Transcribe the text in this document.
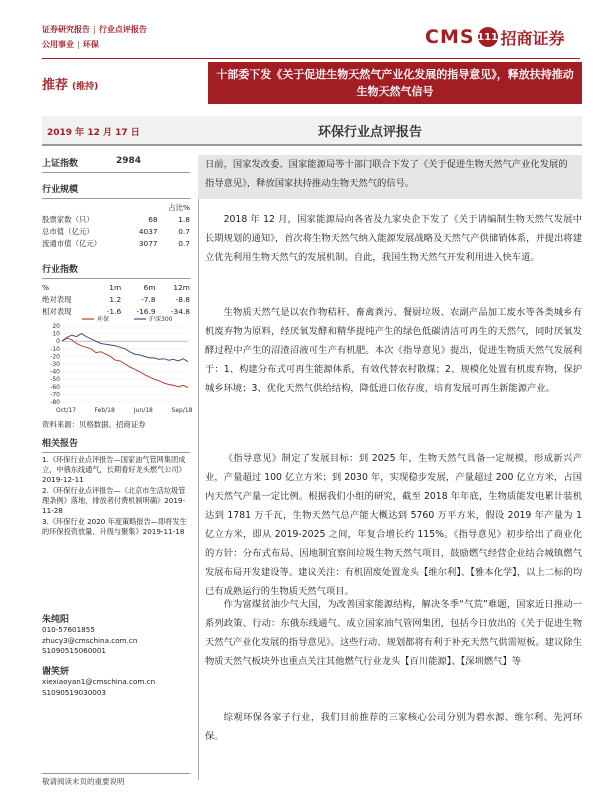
证券研究报告 | 行业点评报告
公用事业 | 环保	CMS 111 招商证券
推荐 (维持)
十部委下发《关于促进生物天然气产业化发展的指导意见》，释放扶持推动生物天然气信号
2019 年 12 月 17 日	环保行业点评报告
上证指数	2984
行业规模
		占比%
股票家数（只）	68	1.8
总市值（亿元）	4037	0.7
流通市值（亿元）	3077	0.7
行业指数
%	1m	6m	12m
绝对表现	1.2	-7.8	-8.8
相对表现	-1.6	-16.9	-34.8
20
10
0
-10
-20
-30
-40
-50
-60
-70
-80
Oct/17	Feb/18	Jun/18	Sep/18
环保	沪深300
资料来源：贝格数据、招商证券
相关报告
1.《环保行业点评报告—国家油气管网集团成立，中俄东线通气，长期看好龙头燃气公司》2019-12-11
2.《环保行业点评报告—《北京市生活垃圾管理条例》落地，排放者付费机制明确》2019-11-28
3.《环保行业 2020 年度策略报告—即将发生的环保投资放量、升级与聚集》2019-11-18
朱纯阳
010-57601855
zhucy3@cmschina.com.cn
S1090515060001
谢笑妍
xiexiaoyan1@cmschina.com.cn
S1090519030003
敬请阅读末页的重要说明
日前，国家发改委、国家能源局等十部门联合下发了《关于促进生物天然气产业化发展的指导意见》，释放国家扶持推动生物天然气的信号。
2018 年 12 月，国家能源局向各省及九家央企下发了《关于请编制生物天然气发展中长期规划的通知》，首次将生物天然气纳入能源发展战略及天然气产供储销体系，并提出将建立优先利用生物天然气的发展机制。自此，我国生物天然气开发利用进入快车道。
生物质天然气是以农作物秸秆、畜禽粪污、餐厨垃圾、农副产品加工废水等各类城乡有机废弃物为原料，经厌氧发酵和精华提纯产生的绿色低碳清洁可再生的天然气，同时厌氧发酵过程中产生的沼渣沼液可生产有机肥。本次《指导意见》提出，促进生物质天然气发展利于：1、构建分布式可再生能源体系，有效代替农村散煤；2、规模化处置有机废弃物，保护城乡环境；3、优化天然气供给结构，降低进口依存度，培育发展可再生新能源产业。
《指导意见》制定了发展目标：到 2025 年，生物天然气具备一定规模，形成新兴产业，产量超过 100 亿立方米；到 2030 年，实现稳步发展，产量超过 200 亿立方米，占国内天然气产量一定比例。根据我们小组的研究，截至 2018 年年底，生物质能发电累计装机达到 1781 万千瓦，生物天然气总产能大概达到 5760 万平方米，假设 2019 年产量为 1 亿立方米，即从 2019-2025 之间，年复合增长约 115%。《指导意见》初步给出了商业化的方针：分布式布局、因地制宜察间垃圾生物天然气项目，鼓励燃气经营企业结合城镇燃气发展布局开发建设等。建议关注：有机固废处置龙头【维尔利】、【雅本化学】，以上二标的均已有成熟运行的生物质天然气项目。
作为富煤贫油少气大国，为改善国家能源结构，解决冬季“气荒”难题，国家近日推动一系列政策、行动：东俄东线通气、成立国家油气管网集团，包括今日放出的《关于促进生物天然气产业化发展的指导意见》。这些行动、规划都将有利于补充天然气供需短板。建议除生物质天然气板块外也重点关注其他燃气行业龙头【百川能源】、【深圳燃气】等
综观环保各家子行业，我们目前推荐的三家核心公司分别为碧水源、维尔利、先河环保。
